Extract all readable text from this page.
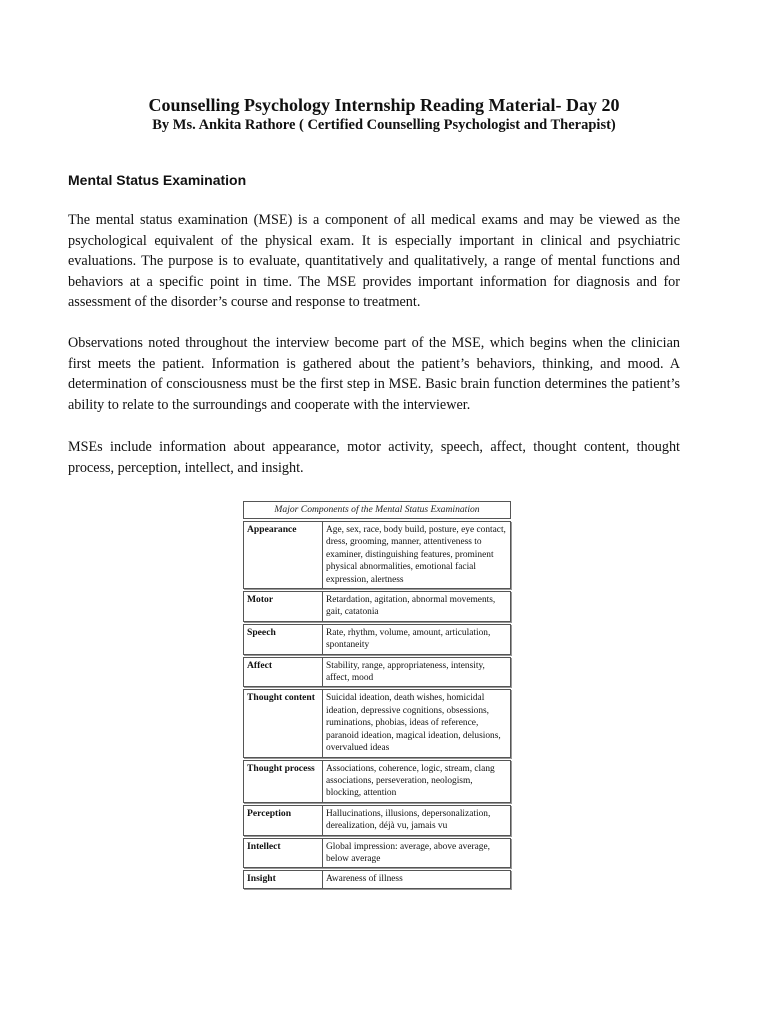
Counselling Psychology Internship Reading Material- Day 20
By Ms. Ankita Rathore ( Certified Counselling Psychologist and Therapist)
Mental Status Examination

The mental status examination (MSE) is a component of all medical exams and may be viewed as the psychological equivalent of the physical exam. It is especially important in clinical and psychiatric evaluations. The purpose is to evaluate, quantitatively and qualitatively, a range of mental functions and behaviors at a specific point in time. The MSE provides important information for diagnosis and for assessment of the disorder’s course and response to treatment.

Observations noted throughout the interview become part of the MSE, which begins when the clinician first meets the patient. Information is gathered about the patient’s behaviors, thinking, and mood. A determination of consciousness must be the first step in MSE. Basic brain function determines the patient’s ability to relate to the surroundings and cooperate with the interviewer.

MSEs include information about appearance, motor activity, speech, affect, thought content, thought process, perception, intellect, and insight.

Major Components of the Mental Status Examination
Appearance	Age, sex, race, body build, posture, eye contact, dress, grooming, manner, attentiveness to examiner, distinguishing features, prominent physical abnormalities, emotional facial expression, alertness
Motor	Retardation, agitation, abnormal movements, gait, catatonia
Speech	Rate, rhythm, volume, amount, articulation, spontaneity
Affect	Stability, range, appropriateness, intensity, affect, mood
Thought content	Suicidal ideation, death wishes, homicidal ideation, depressive cognitions, obsessions, ruminations, phobias, ideas of reference, paranoid ideation, magical ideation, delusions, overvalued ideas
Thought process	Associations, coherence, logic, stream, clang associations, perseveration, neologism, blocking, attention
Perception	Hallucinations, illusions, depersonalization, derealization, déjà vu, jamais vu
Intellect	Global impression: average, above average, below average
Insight	Awareness of illness
